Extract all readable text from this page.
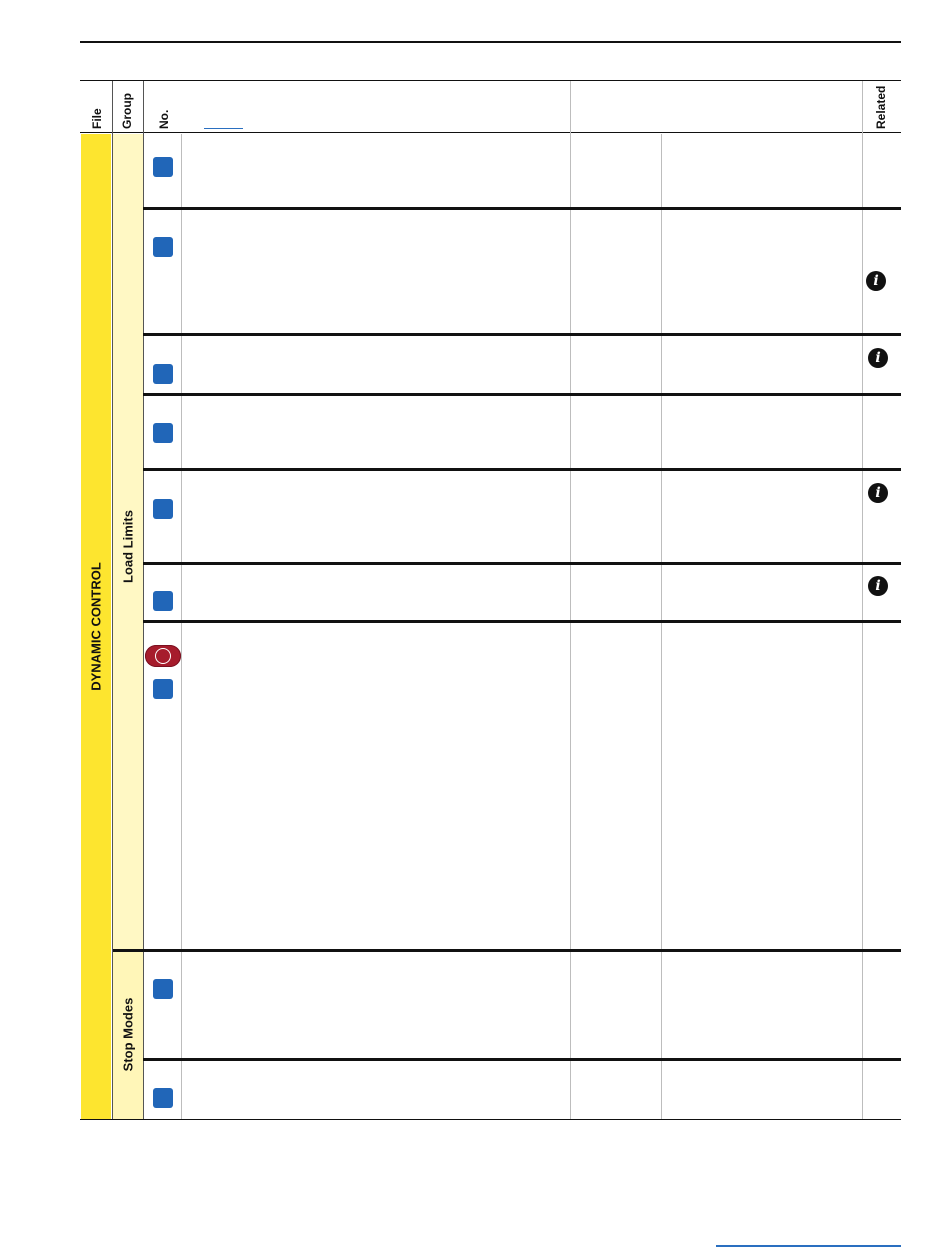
File Group No.	Related
DYNAMIC CONTROL
Load Limits
Stop Modes
i
i
i
i
